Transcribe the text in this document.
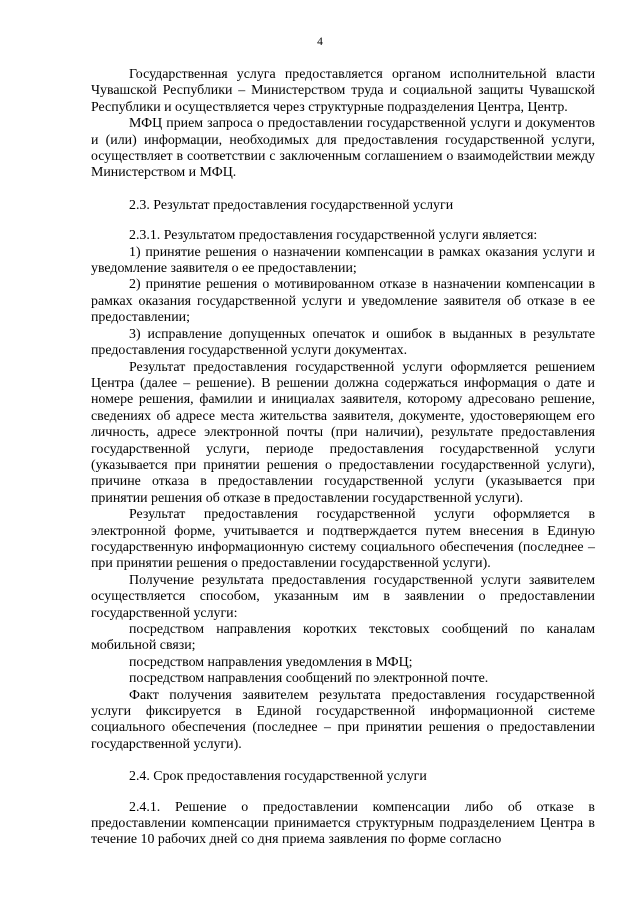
4

Государственная услуга предоставляется органом исполнительной власти Чувашской Республики – Министерством труда и социальной защиты Чувашской Республики и осуществляется через структурные подразделения Центра, Центр.

МФЦ прием запроса о предоставлении государственной услуги и документов и (или) информации, необходимых для предоставления государственной услуги, осуществляет в соответствии с заключенным соглашением о взаимодействии между Министерством и МФЦ.

2.3. Результат предоставления государственной услуги

2.3.1. Результатом предоставления государственной услуги является:

1) принятие решения о назначении компенсации в рамках оказания услуги и уведомление заявителя о ее предоставлении;

2) принятие решения о мотивированном отказе в назначении компенсации в рамках оказания государственной услуги и уведомление заявителя об отказе в ее предоставлении;

3) исправление допущенных опечаток и ошибок в выданных в результате предоставления государственной услуги документах.

Результат предоставления государственной услуги оформляется решением Центра (далее – решение). В решении должна содержаться информация о дате и номере решения, фамилии и инициалах заявителя, которому адресовано решение, сведениях об адресе места жительства заявителя, документе, удостоверяющем его личность, адресе электронной почты (при наличии), результате предоставления государственной услуги, периоде предоставления государственной услуги (указывается при принятии решения о предоставлении государственной услуги), причине отказа в предоставлении государственной услуги (указывается при принятии решения об отказе в предоставлении государственной услуги).

Результат предоставления государственной услуги оформляется в электронной форме, учитывается и подтверждается путем внесения в Единую государственную информационную систему социального обеспечения (последнее – при принятии решения о предоставлении государственной услуги).

Получение результата предоставления государственной услуги заявителем осуществляется способом, указанным им в заявлении о предоставлении государственной услуги:

посредством направления коротких текстовых сообщений по каналам мобильной связи;

посредством направления уведомления в МФЦ;

посредством направления сообщений по электронной почте.

Факт получения заявителем результата предоставления государственной услуги фиксируется в Единой государственной информационной системе социального обеспечения (последнее – при принятии решения о предоставлении государственной услуги).

2.4. Срок предоставления государственной услуги

2.4.1. Решение о предоставлении компенсации либо об отказе в предоставлении компенсации принимается структурным подразделением Центра в течение 10 рабочих дней со дня приема заявления по форме согласно
